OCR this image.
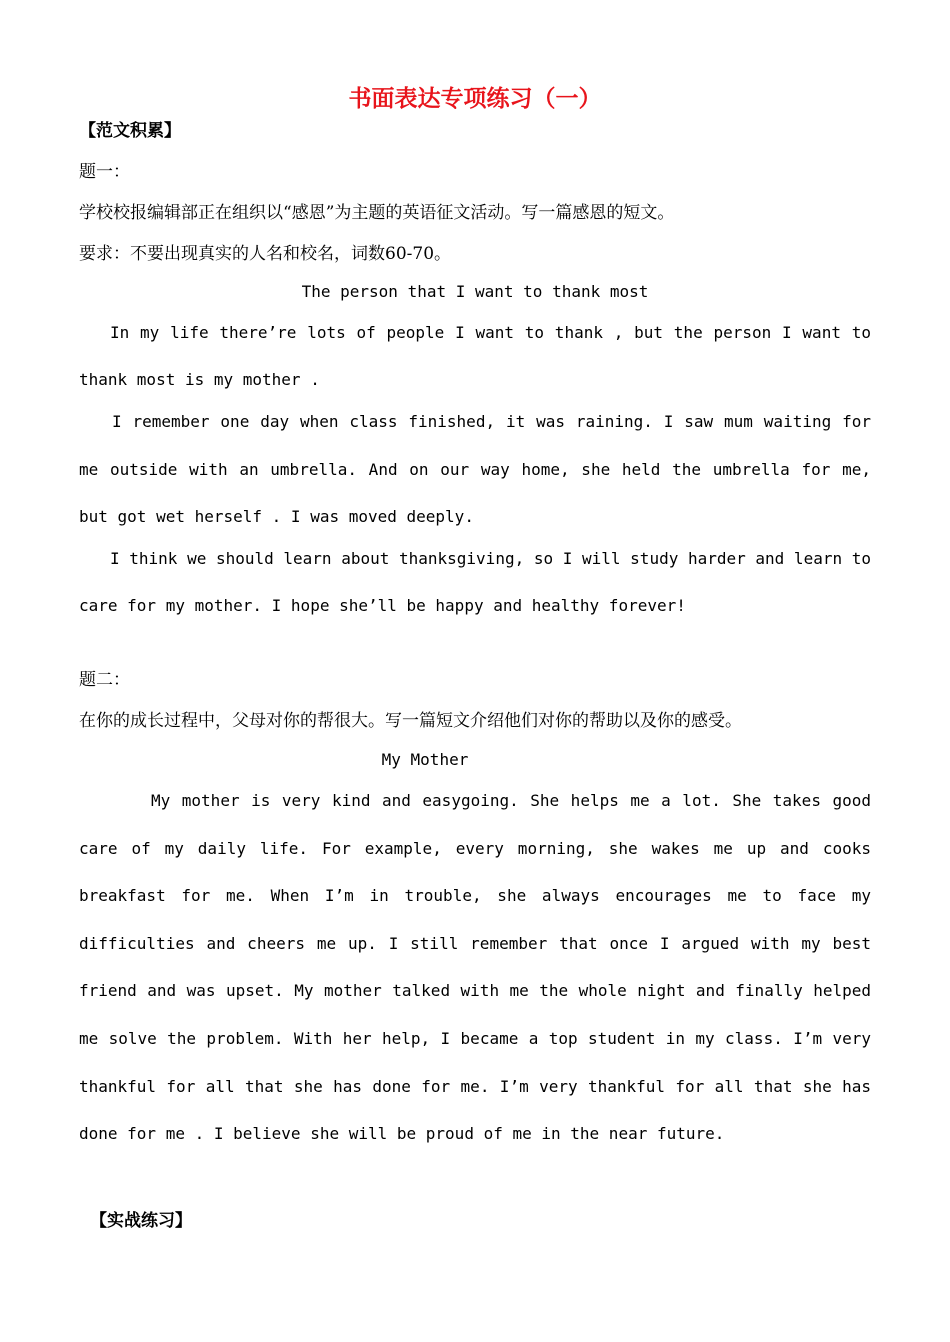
书面表达专项练习（一）
【范文积累】
题一：
学校校报编辑部正在组织以“感恩”为主题的英语征文活动。写一篇感恩的短文。
要求：不要出现真实的人名和校名，词数60-70。
The person that I want to thank most

In my life there’re lots of people I want to thank , but the person I want to thank most is my mother .

I remember one day when class finished, it was raining. I saw mum waiting for me outside with an umbrella. And on our way home, she held the umbrella for me, but got wet herself . I was moved deeply.

I think we should learn about thanksgiving, so I will study harder and learn to care for my mother. I hope she’ll be happy and healthy forever!

题二：
在你的成长过程中，父母对你的帮很大。写一篇短文介绍他们对你的帮助以及你的感受。
My Mother

My mother is very kind and easygoing. She helps me a lot. She takes good care of my daily life. For example, every morning, she wakes me up and cooks breakfast for me. When I’m in trouble, she always encourages me to face my difficulties and cheers me up. I still remember that once I argued with my best friend and was upset. My mother talked with me the whole night and finally helped me solve the problem. With her help, I became a top student in my class. I’m very thankful for all that she has done for me. I’m very thankful for all that she has done for me . I believe she will be proud of me in the near future.

【实战练习】
